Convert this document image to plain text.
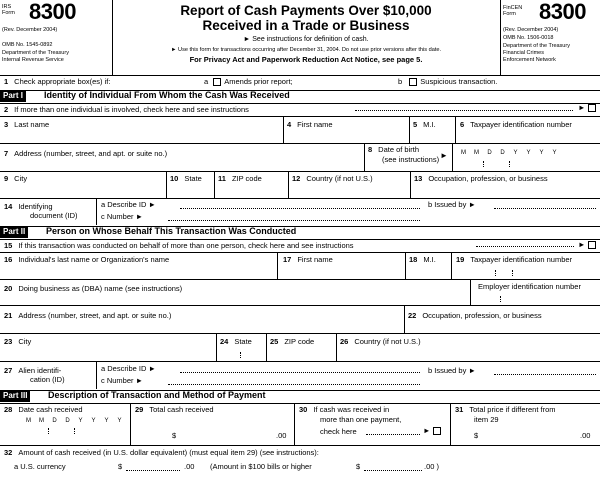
IRS Form 8300
(Rev. December 2004)
OMB No. 1545-0892
Department of the Treasury
Internal Revenue Service
Report of Cash Payments Over $10,000
Received in a Trade or Business
► See instructions for definition of cash.
► Use this form for transactions occurring after December 31, 2004. Do not use prior versions after this date.
For Privacy Act and Paperwork Reduction Act Notice, see page 5.
FinCEN Form	8300
(Rev. December 2004)
OMB No. 1506-0018
Department of the Treasury
Financial Crimes
Enforcement Network
1 Check appropriate box(es) if:	a Amends prior report;	b Suspicious transaction.
Part I	Identity of Individual From Whom the Cash Was Received
2 If more than one individual is involved, check here and see instructions	►
3 Last name	4 First name	5 M.I.	6 Taxpayer identification number
7 Address (number, street, and apt. or suite no.)	8 Date of birth
(see instructions) ►	M M D D Y Y Y Y
9 City	10 State 11 ZIP code	12 Country (if not U.S.)	13 Occupation, profession, or business
14 Identifying
document (ID)
a Describe ID ►	b Issued by ►
c Number ►
Part II	Person on Whose Behalf This Transaction Was Conducted
15 If this transaction was conducted on behalf of more than one person, check here and see instructions	►
16 Individual's last name or Organization's name	17 First name	18 M.I.	19 Taxpayer identification number
20 Doing business as (DBA) name (see instructions)	Employer identification number
21 Address (number, street, and apt. or suite no.)	22 Occupation, profession, or business
23 City	24 State 25 ZIP code	26 Country (if not U.S.)
27 Alien identifi-
cation (ID)
a Describe ID ►	b Issued by ►
c Number ►
Part III	Description of Transaction and Method of Payment
28 Date cash received
M M D D Y Y Y Y
29 Total cash received
$	.00
30 If cash was received in
more than one payment,
check here	►
31 Total price if different from
item 29
$	.00
32 Amount of cash received (in U.S. dollar equivalent) (must equal item 29) (see instructions):
a U.S. currency	$	.00 (Amount in $100 bills or higher	$	.00 )
